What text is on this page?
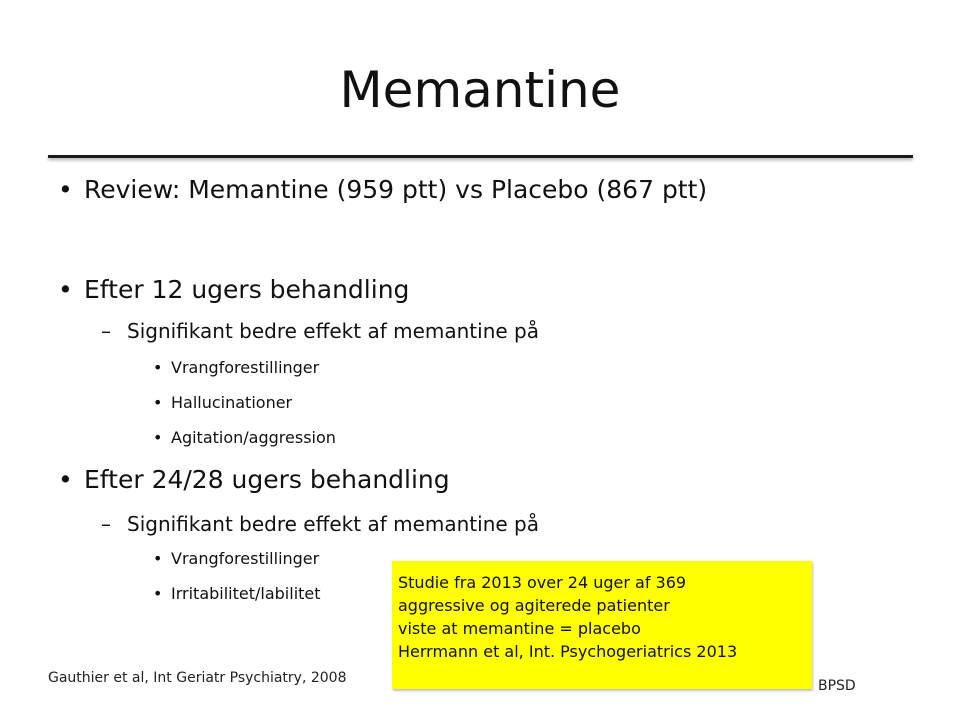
Memantine
• Review: Memantine (959 ptt) vs Placebo (867 ptt)
• Efter 12 ugers behandling
– Signifikant bedre effekt af memantine på
• Vrangforestillinger
• Hallucinationer
• Agitation/aggression
• Efter 24/28 ugers behandling
– Signifikant bedre effekt af memantine på
• Vrangforestillinger
• Irritabilitet/labilitet
Gauthier et al, Int Geriatr Psychiatry, 2008	BPSD
Studie fra 2013 over 24 uger af 369
aggressive og agiterede patienter
viste at memantine = placebo
Herrmann et al, Int. Psychogeriatrics 2013
